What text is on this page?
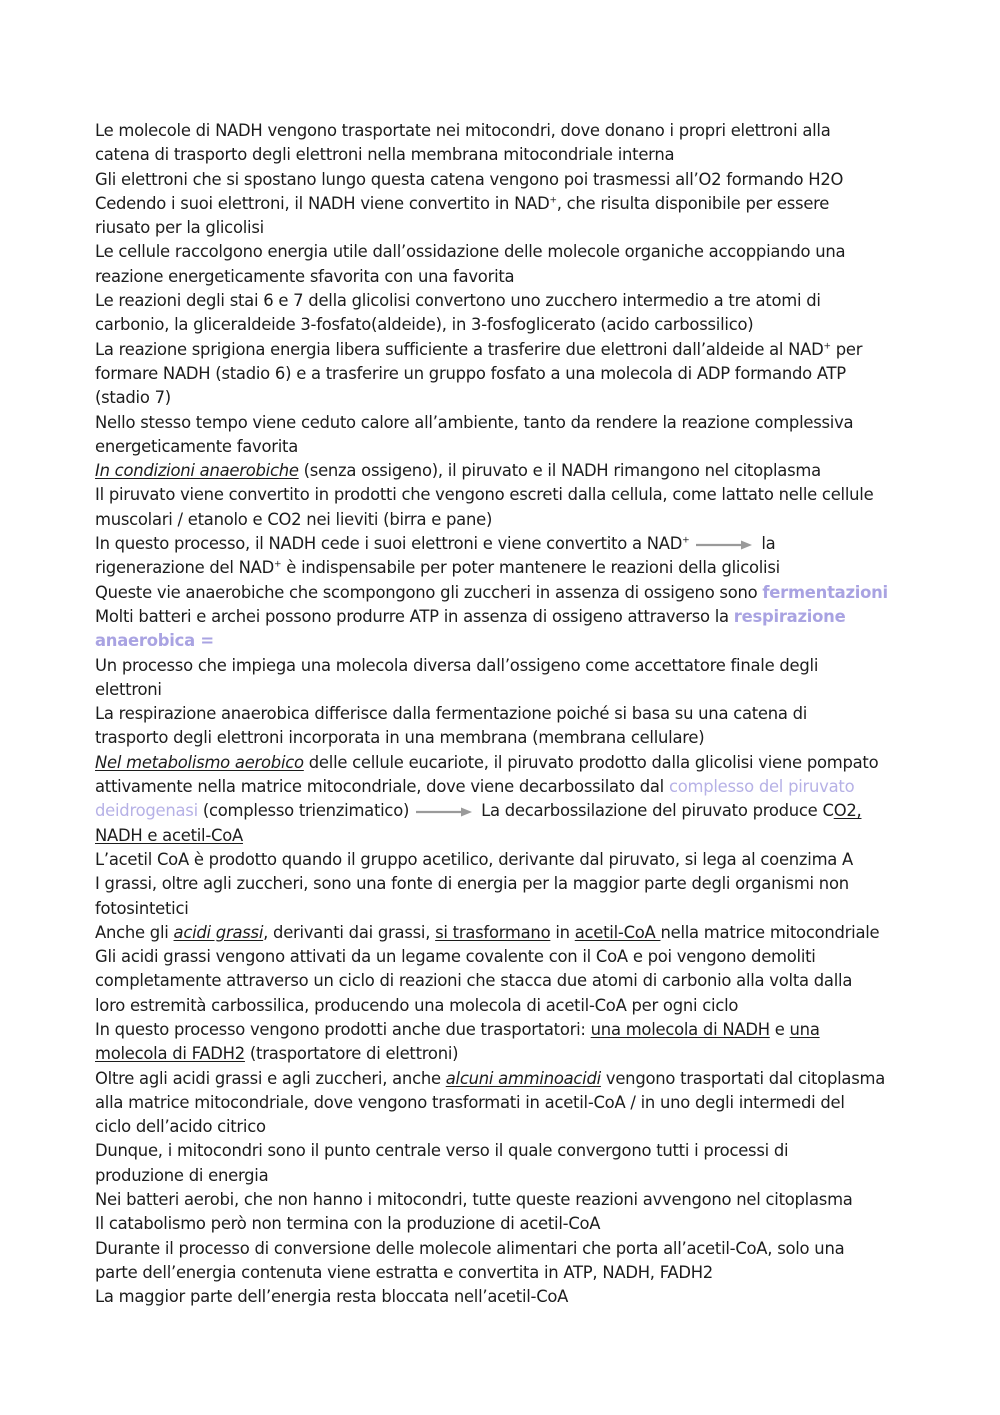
Le molecole di NADH vengono trasportate nei mitocondri, dove donano i propri elettroni alla
catena di trasporto degli elettroni nella membrana mitocondriale interna
Gli elettroni che si spostano lungo questa catena vengono poi trasmessi all’O2 formando H2O
Cedendo i suoi elettroni, il NADH viene convertito in NAD+, che risulta disponibile per essere
riusato per la glicolisi
Le cellule raccolgono energia utile dall’ossidazione delle molecole organiche accoppiando una
reazione energeticamente sfavorita con una favorita
Le reazioni degli stai 6 e 7 della glicolisi convertono uno zucchero intermedio a tre atomi di
carbonio, la gliceraldeide 3-fosfato(aldeide), in 3-fosfoglicerato (acido carbossilico)
La reazione sprigiona energia libera sufficiente a trasferire due elettroni dall’aldeide al NAD+ per
formare NADH (stadio 6) e a trasferire un gruppo fosfato a una molecola di ADP formando ATP
(stadio 7)
Nello stesso tempo viene ceduto calore all’ambiente, tanto da rendere la reazione complessiva
energeticamente favorita
In condizioni anaerobiche (senza ossigeno), il piruvato e il NADH rimangono nel citoplasma
Il piruvato viene convertito in prodotti che vengono escreti dalla cellula, come lattato nelle cellule
muscolari / etanolo e CO2 nei lieviti (birra e pane)
In questo processo, il NADH cede i suoi elettroni e viene convertito a NAD+	la
rigenerazione del NAD+ è indispensabile per poter mantenere le reazioni della glicolisi
Queste vie anaerobiche che scompongono gli zuccheri in assenza di ossigeno sono fermentazioni
Molti batteri e archei possono produrre ATP in assenza di ossigeno attraverso la respirazione
anaerobica =
Un processo che impiega una molecola diversa dall’ossigeno come accettatore finale degli
elettroni
La respirazione anaerobica differisce dalla fermentazione poiché si basa su una catena di
trasporto degli elettroni incorporata in una membrana (membrana cellulare)
Nel metabolismo aerobico delle cellule eucariote, il piruvato prodotto dalla glicolisi viene pompato
attivamente nella matrice mitocondriale, dove viene decarbossilato dal complesso del piruvato
deidrogenasi (complesso trienzimatico)	La decarbossilazione del piruvato produce CO2,
NADH e acetil-CoA
L’acetil CoA è prodotto quando il gruppo acetilico, derivante dal piruvato, si lega al coenzima A
I grassi, oltre agli zuccheri, sono una fonte di energia per la maggior parte degli organismi non
fotosintetici
Anche gli acidi grassi, derivanti dai grassi, si trasformano in acetil-CoA nella matrice mitocondriale
Gli acidi grassi vengono attivati da un legame covalente con il CoA e poi vengono demoliti
completamente attraverso un ciclo di reazioni che stacca due atomi di carbonio alla volta dalla
loro estremità carbossilica, producendo una molecola di acetil-CoA per ogni ciclo
In questo processo vengono prodotti anche due trasportatori: una molecola di NADH e una
molecola di FADH2 (trasportatore di elettroni)
Oltre agli acidi grassi e agli zuccheri, anche alcuni amminoacidi vengono trasportati dal citoplasma
alla matrice mitocondriale, dove vengono trasformati in acetil-CoA / in uno degli intermedi del
ciclo dell’acido citrico
Dunque, i mitocondri sono il punto centrale verso il quale convergono tutti i processi di
produzione di energia
Nei batteri aerobi, che non hanno i mitocondri, tutte queste reazioni avvengono nel citoplasma
Il catabolismo però non termina con la produzione di acetil-CoA
Durante il processo di conversione delle molecole alimentari che porta all’acetil-CoA, solo una
parte dell’energia contenuta viene estratta e convertita in ATP, NADH, FADH2
La maggior parte dell’energia resta bloccata nell’acetil-CoA
